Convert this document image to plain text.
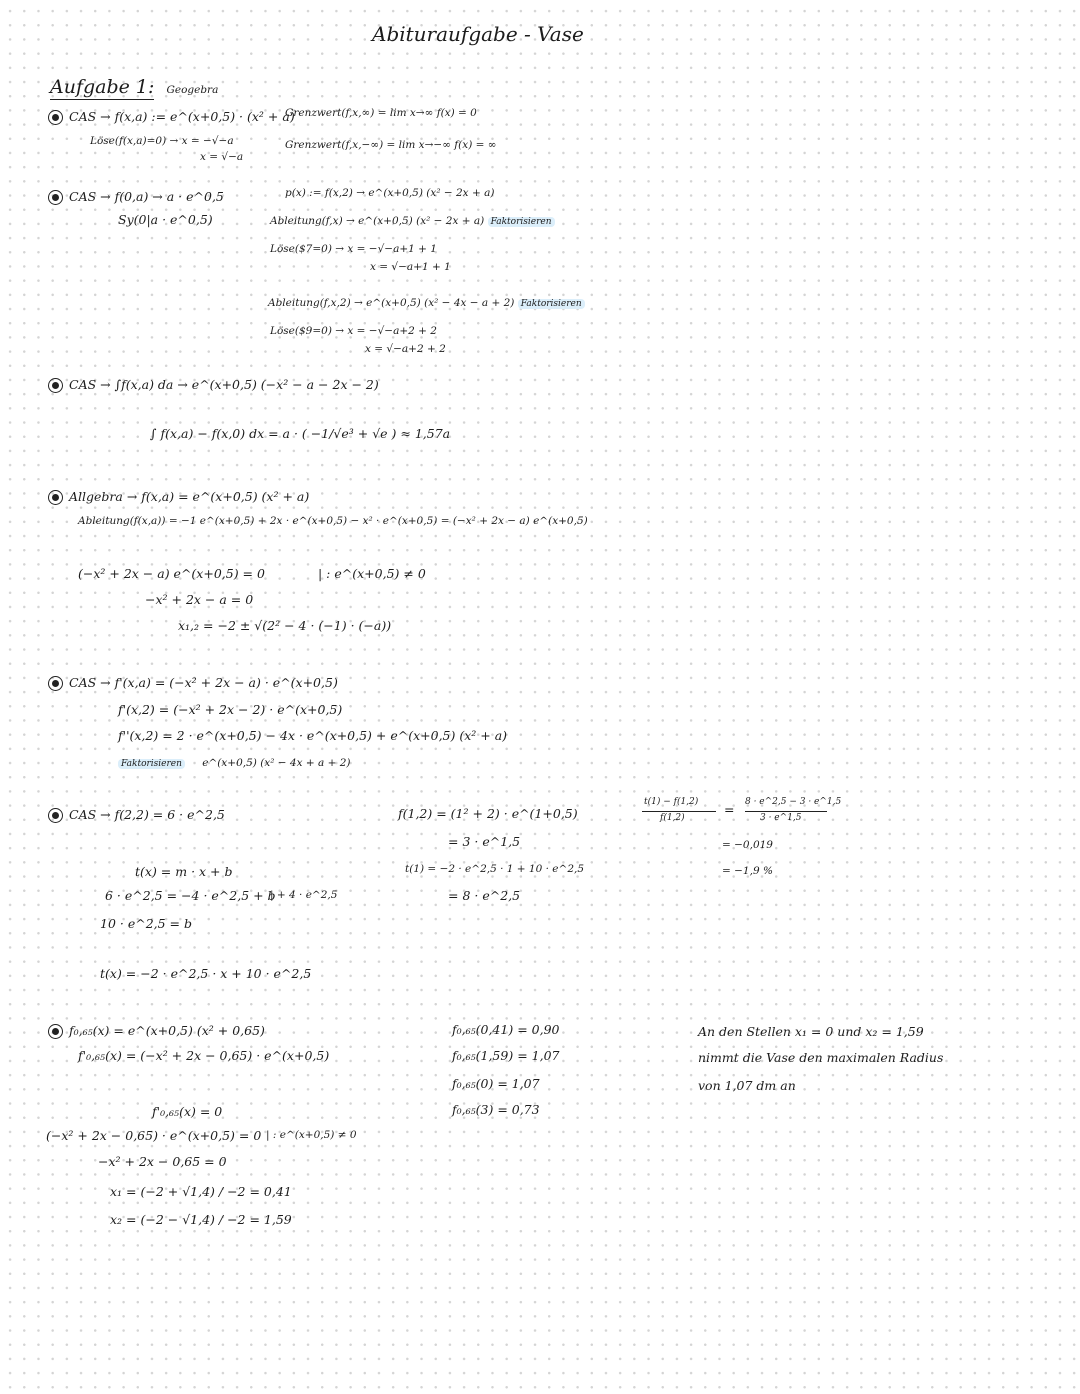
Abituraufgabe - Vase
Aufgabe 1: Geogebra
CAS → f(x,a) := e^(x+0,5) · (x² + a)
Löse(f(x,a)=0) → x = −√−a
x = √−a
Grenzwert(f,x,∞) = lim x→∞ f(x) = 0
Grenzwert(f,x,−∞) = lim x→−∞ f(x) = ∞
CAS → f(0,a) → a · e^0,5
Sy(0|a · e^0,5)
p(x) := f(x,2) → e^(x+0,5) (x² − 2x + a)
Ableitung(f,x) → e^(x+0,5) (x² − 2x + a) Faktorisieren
Löse($7=0) → x = −√−a+1 + 1
x = √−a+1 + 1
Ableitung(f,x,2) → e^(x+0,5) (x² − 4x − a + 2) Faktorisieren
Löse($9=0) → x = −√−a+2 + 2
x = √−a+2 + 2
CAS → ∫f(x,a) da → e^(x+0,5) (−x² − a − 2x − 2)
∫ f(x,a) − f(x,0) dx = a · ( −1/√e³ + √e ) ≈ 1,57a
Allgebra → f(x,a) = e^(x+0,5) (x² + a)
Ableitung(f(x,a)) = −1 e^(x+0,5) + 2x · e^(x+0,5) − x² · e^(x+0,5) = (−x² + 2x − a) e^(x+0,5)
(−x² + 2x − a) e^(x+0,5) = 0	| : e^(x+0,5) ≠ 0
−x² + 2x − a = 0
x₁,₂ = −2 ± √(2² − 4 · (−1) · (−a))
CAS → f'(x,a) = (−x² + 2x − a) · e^(x+0,5)
f'(x,2) = (−x² + 2x − 2) · e^(x+0,5)
f''(x,2) = 2 · e^(x+0,5) − 4x · e^(x+0,5) + e^(x+0,5) (x² + a)
Faktorisieren e^(x+0,5) (x² − 4x + a + 2)
CAS → f(2,2) = 6 · e^2,5
t(x) = m · x + b
6 · e^2,5 = −4 · e^2,5 + b
| + 4 · e^2,5
10 · e^2,5 = b
t(x) = −2 · e^2,5 · x + 10 · e^2,5
f(1,2) = (1² + 2) · e^(1+0,5)
= 3 · e^1,5
t(1) = −2 · e^2,5 · 1 + 10 · e^2,5
= 8 · e^2,5
t(1) − f(1,2)
f(1,2)
= 8 · e^2,5 − 3 · e^1,5
3 · e^1,5
= −0,019
= −1,9 %
f₀,₆₅(x) = e^(x+0,5) (x² + 0,65)
f'₀,₆₅(x) = (−x² + 2x − 0,65) · e^(x+0,5)
f'₀,₆₅(x) = 0
(−x² + 2x − 0,65) · e^(x+0,5) = 0 | : e^(x+0,5) ≠ 0
−x² + 2x − 0,65 = 0
x₁ = (−2 + √1,4) / −2 = 0,41
x₂ = (−2 − √1,4) / −2 = 1,59
f₀,₆₅(0,41) = 0,90
f₀,₆₅(1,59) = 1,07
f₀,₆₅(0) = 1,07
f₀,₆₅(3) = 0,73
An den Stellen x₁ = 0 und x₂ = 1,59
nimmt die Vase den maximalen Radius
von 1,07 dm an
